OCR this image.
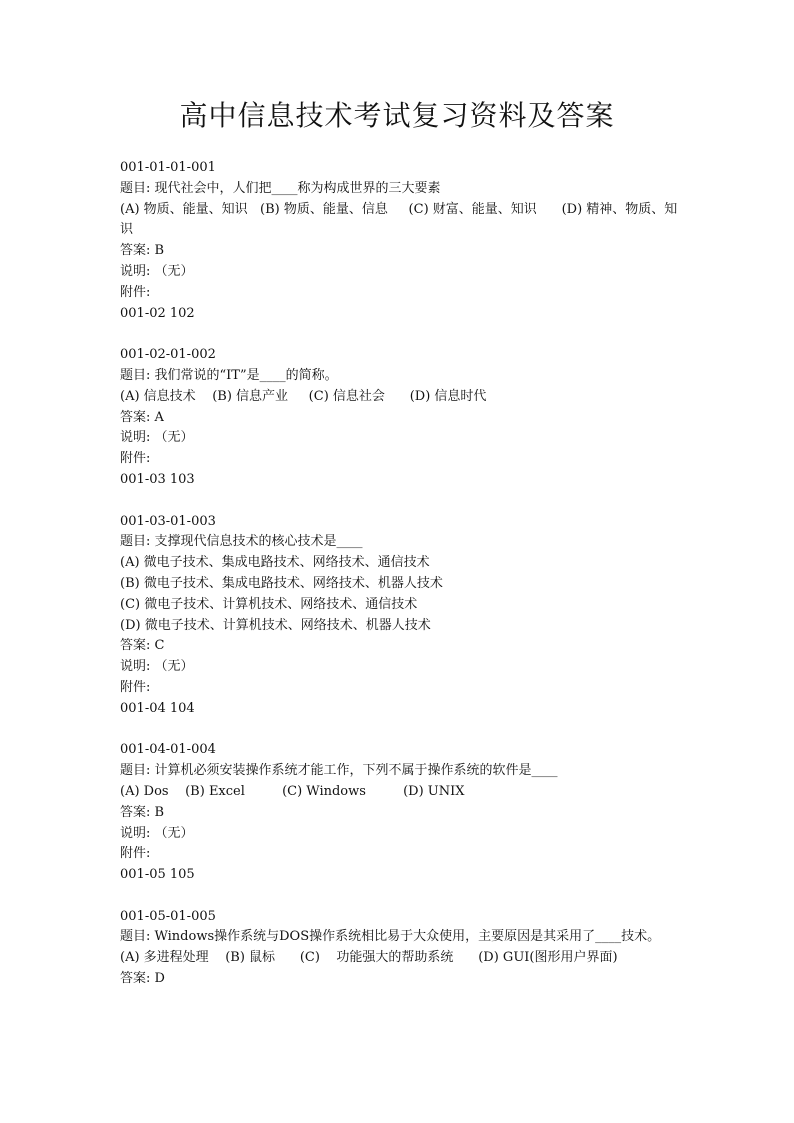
高中信息技术考试复习资料及答案
001-01-01-001
题目: 现代社会中，人们把____称为构成世界的三大要素
(A) 物质、能量、知识   (B) 物质、能量、信息     (C) 财富、能量、知识      (D) 精神、物质、知识
答案: B
说明: （无）
附件:
001-02 102
001-02-01-002
题目: 我们常说的“IT”是____的简称。
(A) 信息技术    (B) 信息产业     (C) 信息社会      (D) 信息时代
答案: A
说明: （无）
附件:
001-03 103
001-03-01-003
题目: 支撑现代信息技术的核心技术是____
(A) 微电子技术、集成电路技术、网络技术、通信技术
(B) 微电子技术、集成电路技术、网络技术、机器人技术
(C) 微电子技术、计算机技术、网络技术、通信技术
(D) 微电子技术、计算机技术、网络技术、机器人技术
答案: C
说明: （无）
附件:
001-04 104
001-04-01-004
题目: 计算机必须安装操作系统才能工作，下列不属于操作系统的软件是____
(A) Dos    (B) Excel         (C) Windows         (D) UNIX
答案: B
说明: （无）
附件:
001-05 105
001-05-01-005
题目: Windows操作系统与DOS操作系统相比易于大众使用，主要原因是其采用了____技术。
(A) 多进程处理    (B) 鼠标      (C)    功能强大的帮助系统      (D) GUI(图形用户界面)
答案: D
